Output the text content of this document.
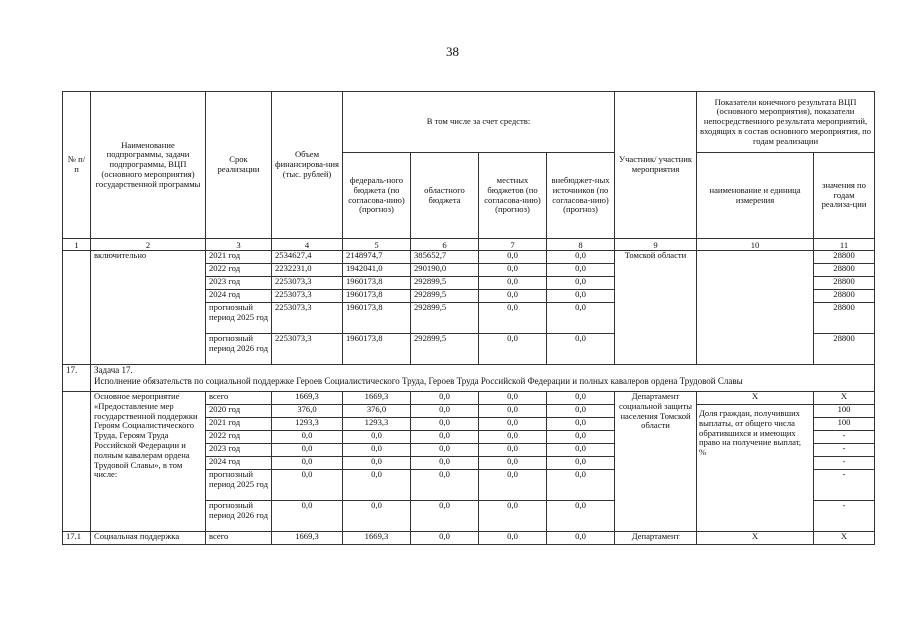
38
№ п/п	Наименование подпрограммы, задачи подпрограммы, ВЦП (основного мероприятия) государственной программы	Срок реализации	Объем финансирова-ния (тыс. рублей)	В том числе за счет средств:				Участник/ участник мероприятия	Показатели конечного результата ВЦП (основного мероприятия), показатели непосредственного результата мероприятий, входящих в состав основного мероприятия, по годам реализации	
				федераль-ного бюджета (по согласова-нию) (прогноз)	областного бюджета	местных бюджетов (по согласова-нию) (прогноз)	внебюджет-ных источников (по согласова-нию) (прогноз)		наименование и единица измерения	значения по годам реализа-ции
1	2	3	4	5	6	7	8	9	10	11
	включительно	2021 год	2534627,4	2148974,7	385652,7	0,0	0,0	Томской области		28800
		2022 год	2232231,0	1942041,0	290190,0	0,0	0,0			28800
		2023 год	2253073,3	1960173,8	292899,5	0,0	0,0			28800
		2024 год	2253073,3	1960173,8	292899,5	0,0	0,0			28800
		прогнозный период 2025 год	2253073,3	1960173,8	292899,5	0,0	0,0			28800
		прогнозный период 2026 год	2253073,3	1960173,8	292899,5	0,0	0,0			28800
17.	Задача 17.
Исполнение обязательств по социальной поддержке Героев Социалистического Труда, Героев Труда Российской Федерации и полных кавалеров ордена Трудовой Славы									

	Основное мероприятие «Предоставление мер государственной поддержки Героям Социалистического Труда, Героям Труда Российской Федерации и полным кавалерам ордена Трудовой Славы», в том числе:	всего	1669,3	1669,3	0,0	0,0	0,0	Департамент социальной защиты населения Томской области	Х	Х
		2020 год	376,0	376,0	0,0	0,0	0,0		Доля граждан, получивших выплаты, от общего числа обратившихся и имеющих право на получение выплат, %	100
		2021 год	1293,3	1293,3	0,0	0,0	0,0			100
		2022 год	0,0	0,0	0,0	0,0	0,0			-
		2023 год	0,0	0,0	0,0	0,0	0,0			-
		2024 год	0,0	0,0	0,0	0,0	0,0			-
		прогнозный период 2025 год	0,0	0,0	0,0	0,0	0,0			-
		прогнозный период 2026 год	0,0	0,0	0,0	0,0	0,0			-
17.1	Социальная поддержка	всего	1669,3	1669,3	0,0	0,0	0,0	Департамент	Х	Х
